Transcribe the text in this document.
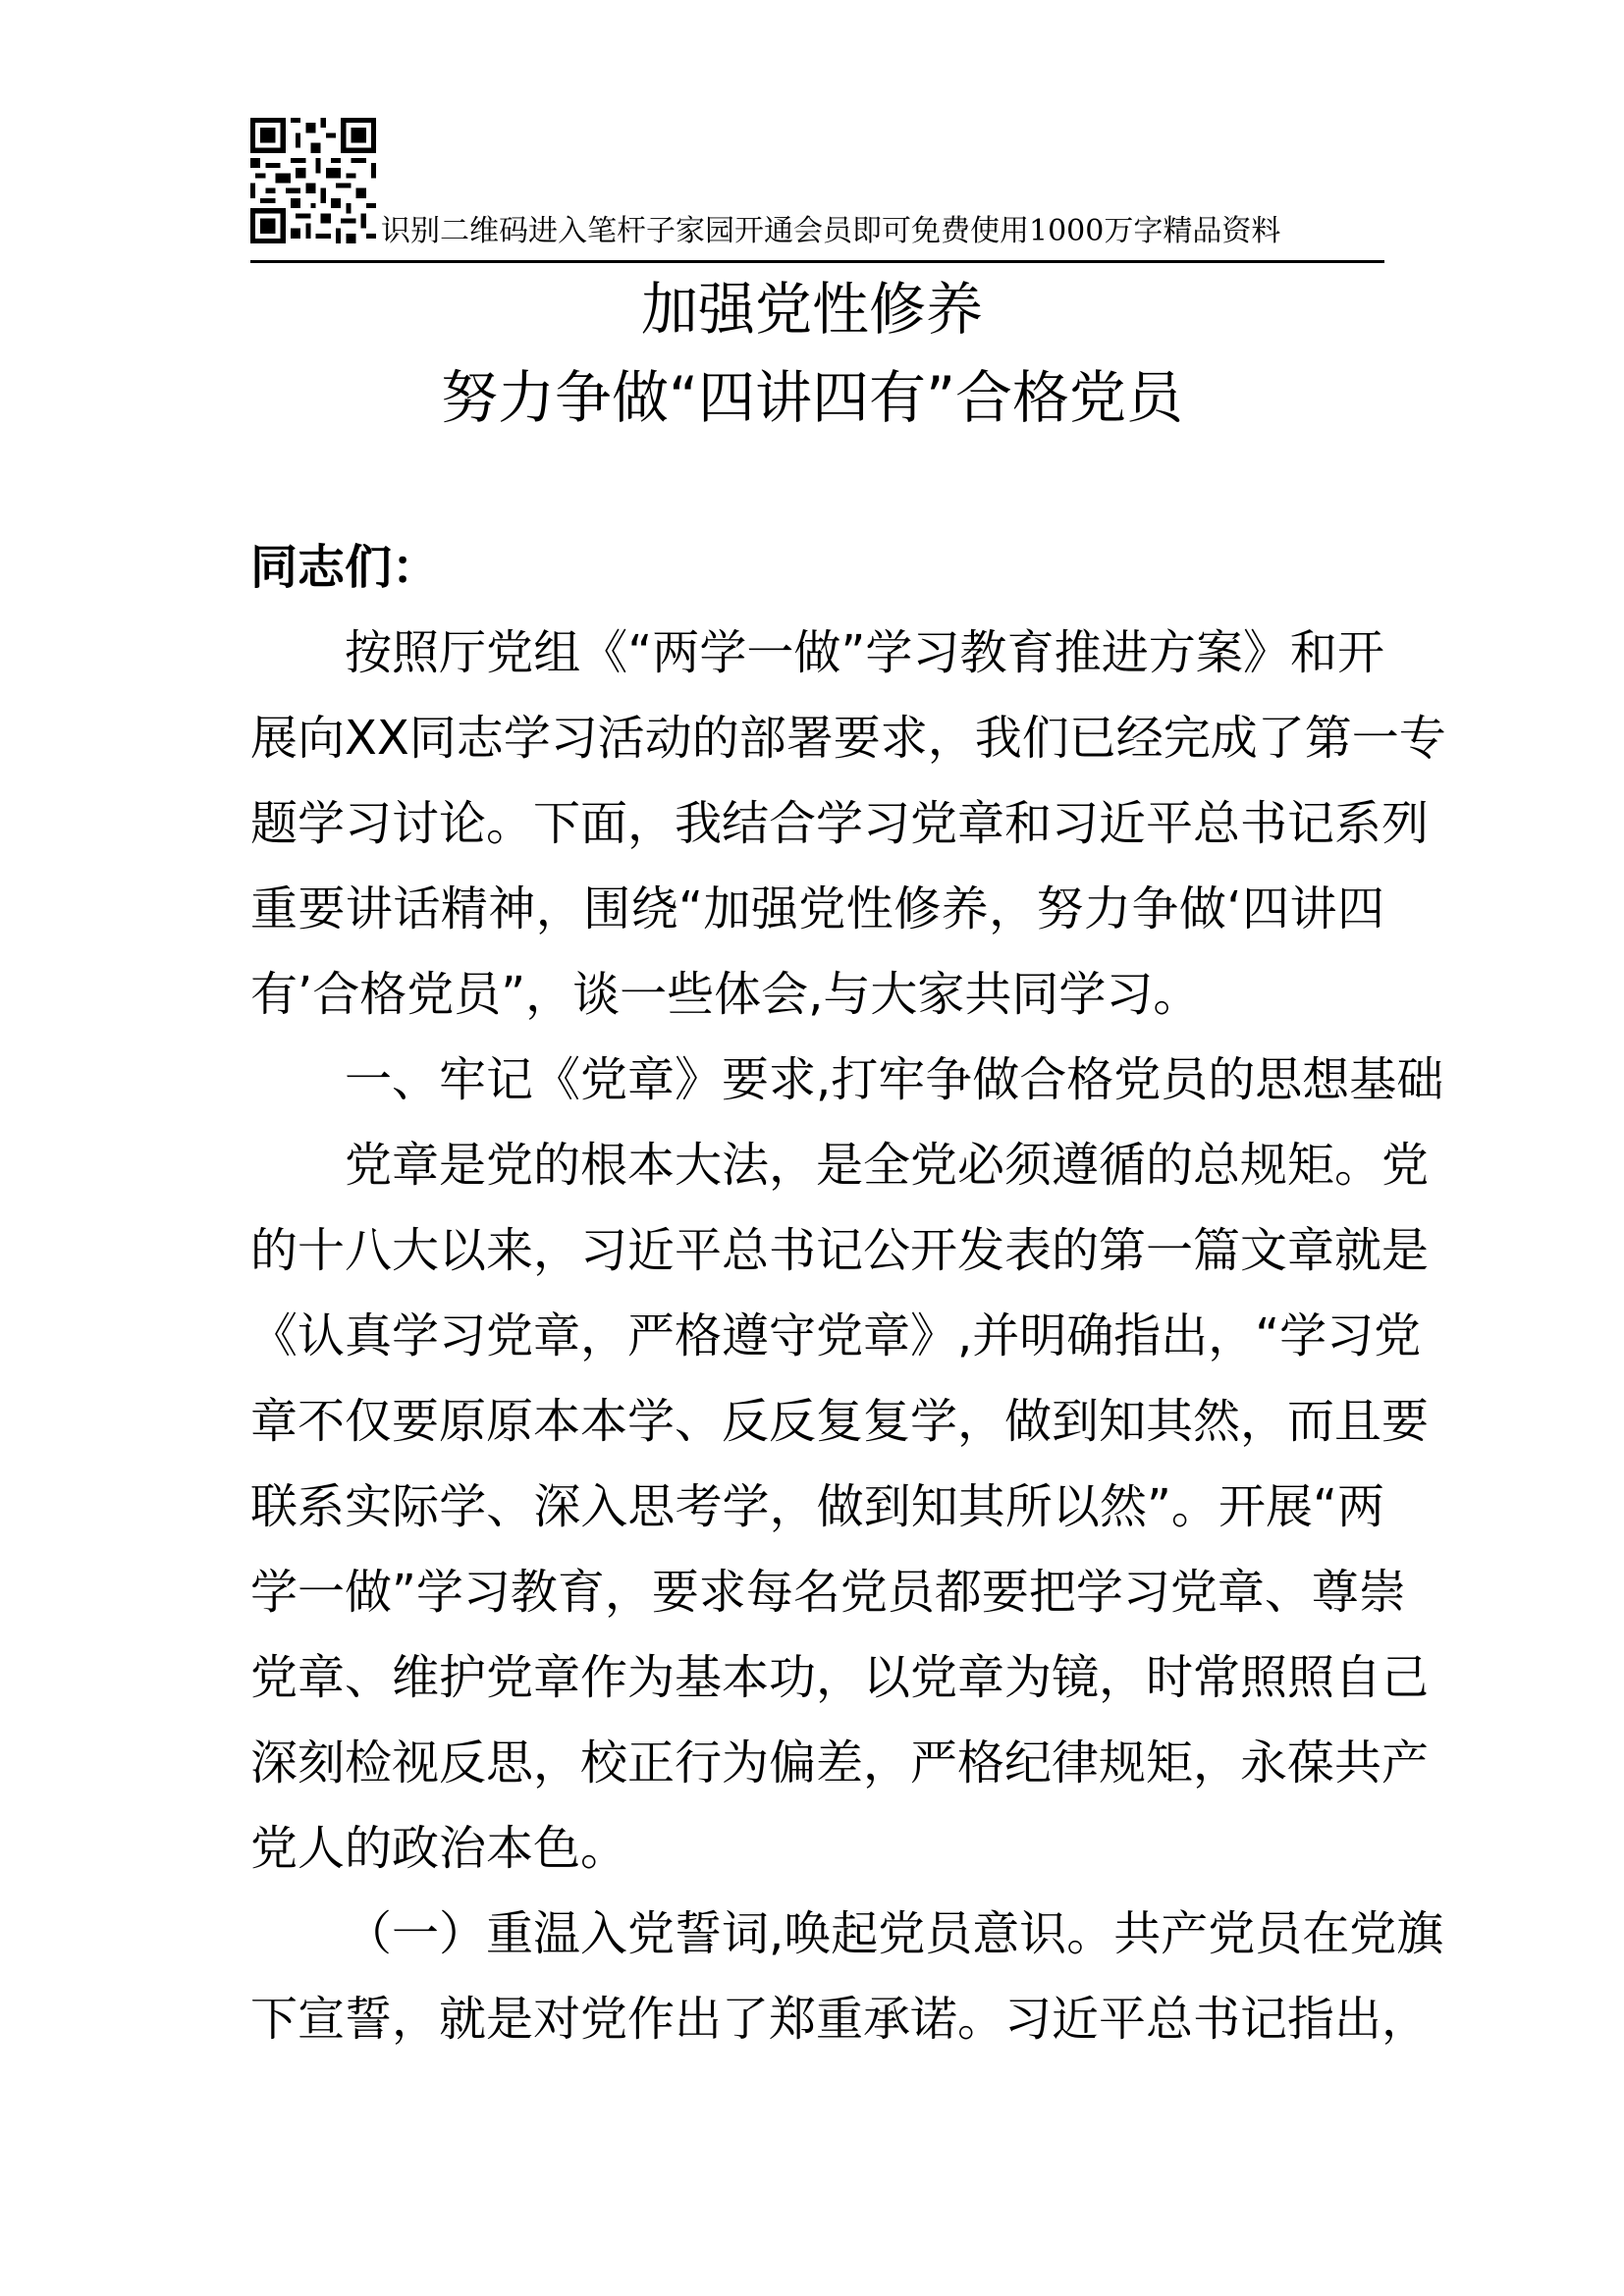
识别二维码进入笔杆子家园开通会员即可免费使用1000万字精品资料
加强党性修养
努力争做“四讲四有”合格党员
同志们：
按照厅党组《“两学一做”学习教育推进方案》和开
展向XX同志学习活动的部署要求，我们已经完成了第一专
题学习讨论。下面，我结合学习党章和习近平总书记系列
重要讲话精神，围绕“加强党性修养，努力争做‘四讲四
有’合格党员”，谈一些体会,与大家共同学习。
一、牢记《党章》要求,打牢争做合格党员的思想基础
党章是党的根本大法，是全党必须遵循的总规矩。党
的十八大以来，习近平总书记公开发表的第一篇文章就是
《认真学习党章，严格遵守党章》,并明确指出，“学习党
章不仅要原原本本学、反反复复学，做到知其然，而且要
联系实际学、深入思考学，做到知其所以然”。开展“两
学一做”学习教育，要求每名党员都要把学习党章、尊崇
党章、维护党章作为基本功，以党章为镜，时常照照自己
深刻检视反思，校正行为偏差，严格纪律规矩，永葆共产
党人的政治本色。
（一）重温入党誓词,唤起党员意识。共产党员在党旗
下宣誓，就是对党作出了郑重承诺。习近平总书记指出，
